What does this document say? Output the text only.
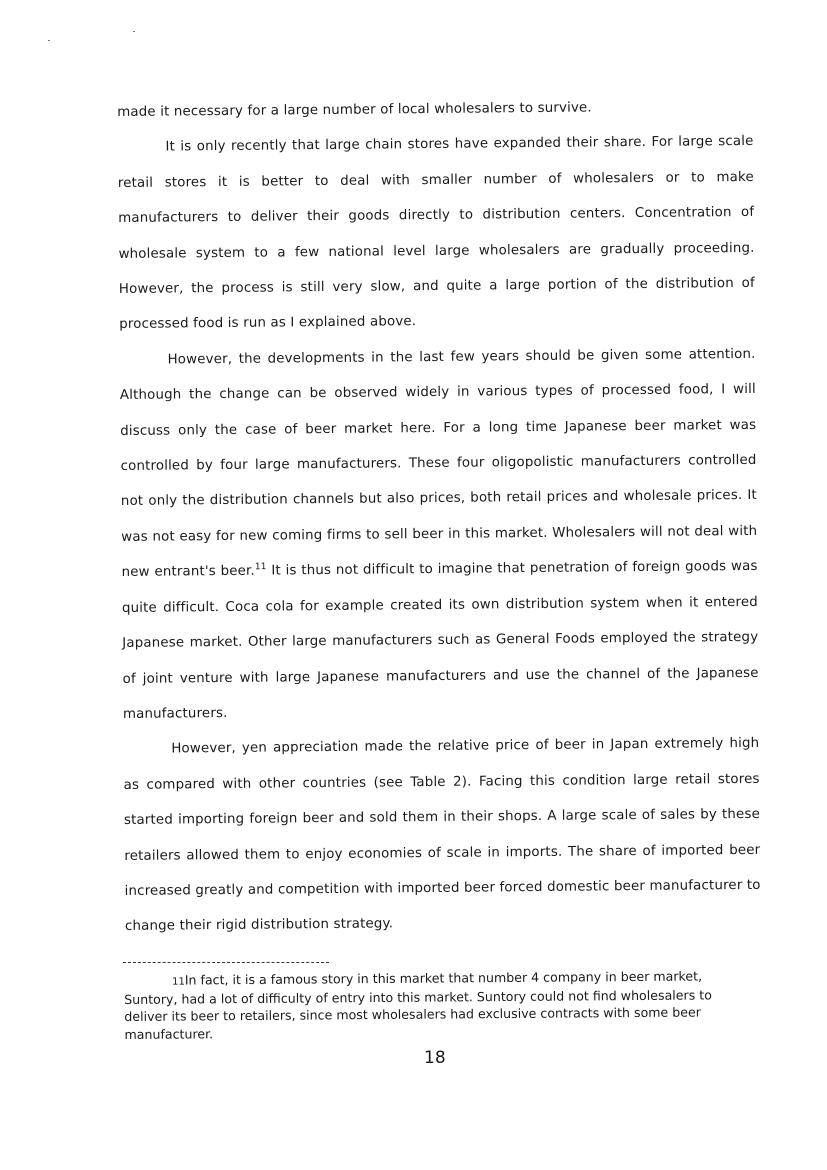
made it necessary for a large number of local wholesalers to survive.

It is only recently that large chain stores have expanded their share. For large scale retail stores it is better to deal with smaller number of wholesalers or to make manufacturers to deliver their goods directly to distribution centers. Concentration of wholesale system to a few national level large wholesalers are gradually proceeding. However, the process is still very slow, and quite a large portion of the distribution of processed food is run as I explained above.

However, the developments in the last few years should be given some attention. Although the change can be observed widely in various types of processed food, I will discuss only the case of beer market here. For a long time Japanese beer market was controlled by four large manufacturers. These four oligopolistic manufacturers controlled not only the distribution channels but also prices, both retail prices and wholesale prices. It was not easy for new coming firms to sell beer in this market. Wholesalers will not deal with new entrant's beer.$^{11}$ It is thus not difficult to imagine that penetration of foreign goods was quite difficult. Coca cola for example created its own distribution system when it entered Japanese market. Other large manufacturers such as General Foods employed the strategy of joint venture with large Japanese manufacturers and use the channel of the Japanese manufacturers.

However, yen appreciation made the relative price of beer in Japan extremely high as compared with other countries (see Table 2). Facing this condition large retail stores started importing foreign beer and sold them in their shops. A large scale of sales by these retailers allowed them to enjoy economies of scale in imports. The share of imported beer increased greatly and competition with imported beer forced domestic beer manufacturer to change their rigid distribution strategy.

11In fact, it is a famous story in this market that number 4 company in beer market, Suntory, had a lot of difficulty of entry into this market. Suntory could not find wholesalers to deliver its beer to retailers, since most wholesalers had exclusive contracts with some beer manufacturer.

18
